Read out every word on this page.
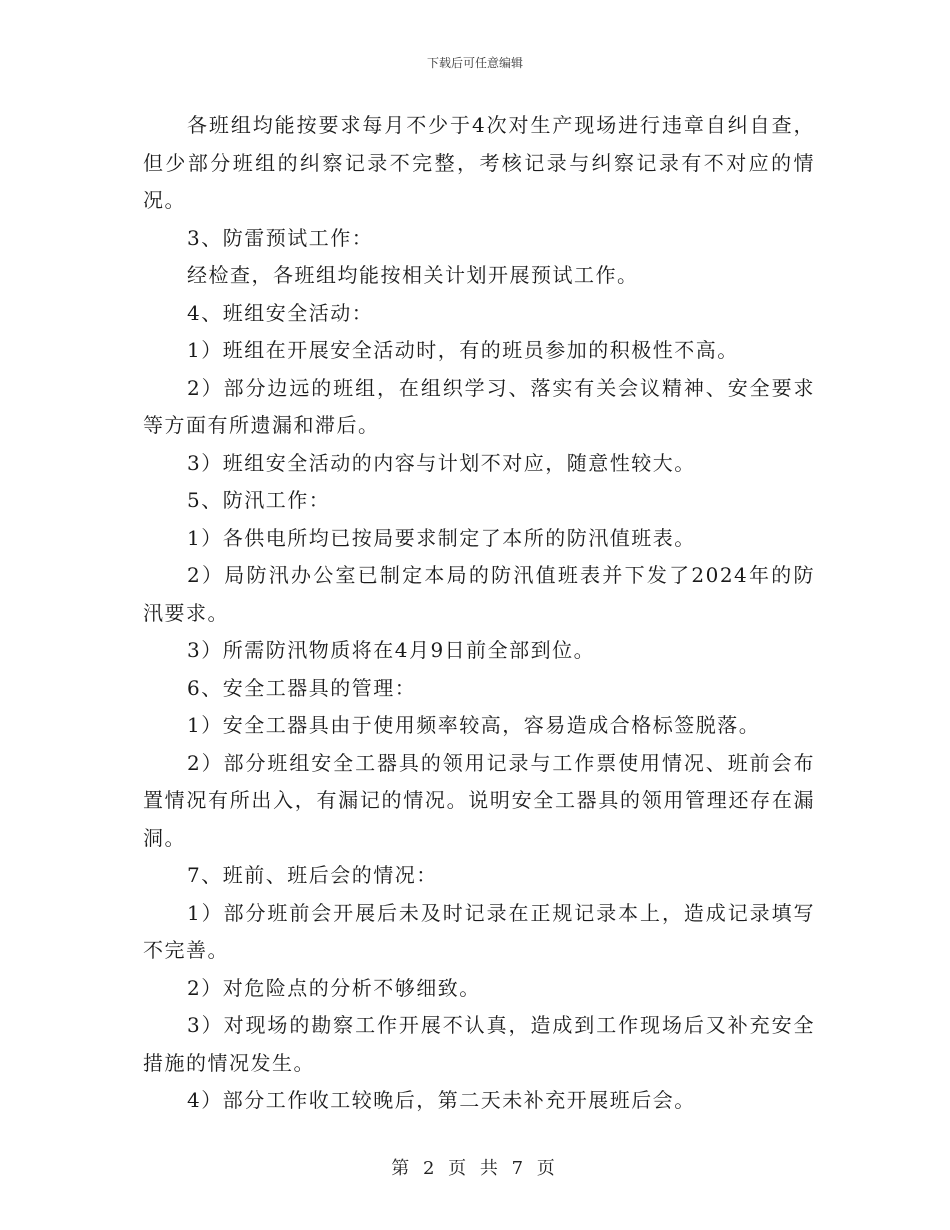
下载后可任意编辑

各班组均能按要求每月不少于4次对生产现场进行违章自纠自查，但少部分班组的纠察记录不完整，考核记录与纠察记录有不对应的情况。

3、防雷预试工作：

经检查，各班组均能按相关计划开展预试工作。

4、班组安全活动：

1）班组在开展安全活动时，有的班员参加的积极性不高。

2）部分边远的班组，在组织学习、落实有关会议精神、安全要求等方面有所遗漏和滞后。

3）班组安全活动的内容与计划不对应，随意性较大。

5、防汛工作：

1）各供电所均已按局要求制定了本所的防汛值班表。

2）局防汛办公室已制定本局的防汛值班表并下发了2024年的防汛要求。

3）所需防汛物质将在4月9日前全部到位。

6、安全工器具的管理：

1）安全工器具由于使用频率较高，容易造成合格标签脱落。

2）部分班组安全工器具的领用记录与工作票使用情况、班前会布置情况有所出入，有漏记的情况。说明安全工器具的领用管理还存在漏洞。

7、班前、班后会的情况：

1）部分班前会开展后未及时记录在正规记录本上，造成记录填写不完善。

2）对危险点的分析不够细致。

3）对现场的勘察工作开展不认真，造成到工作现场后又补充安全措施的情况发生。

4）部分工作收工较晚后，第二天未补充开展班后会。

第 2 页 共 7 页
